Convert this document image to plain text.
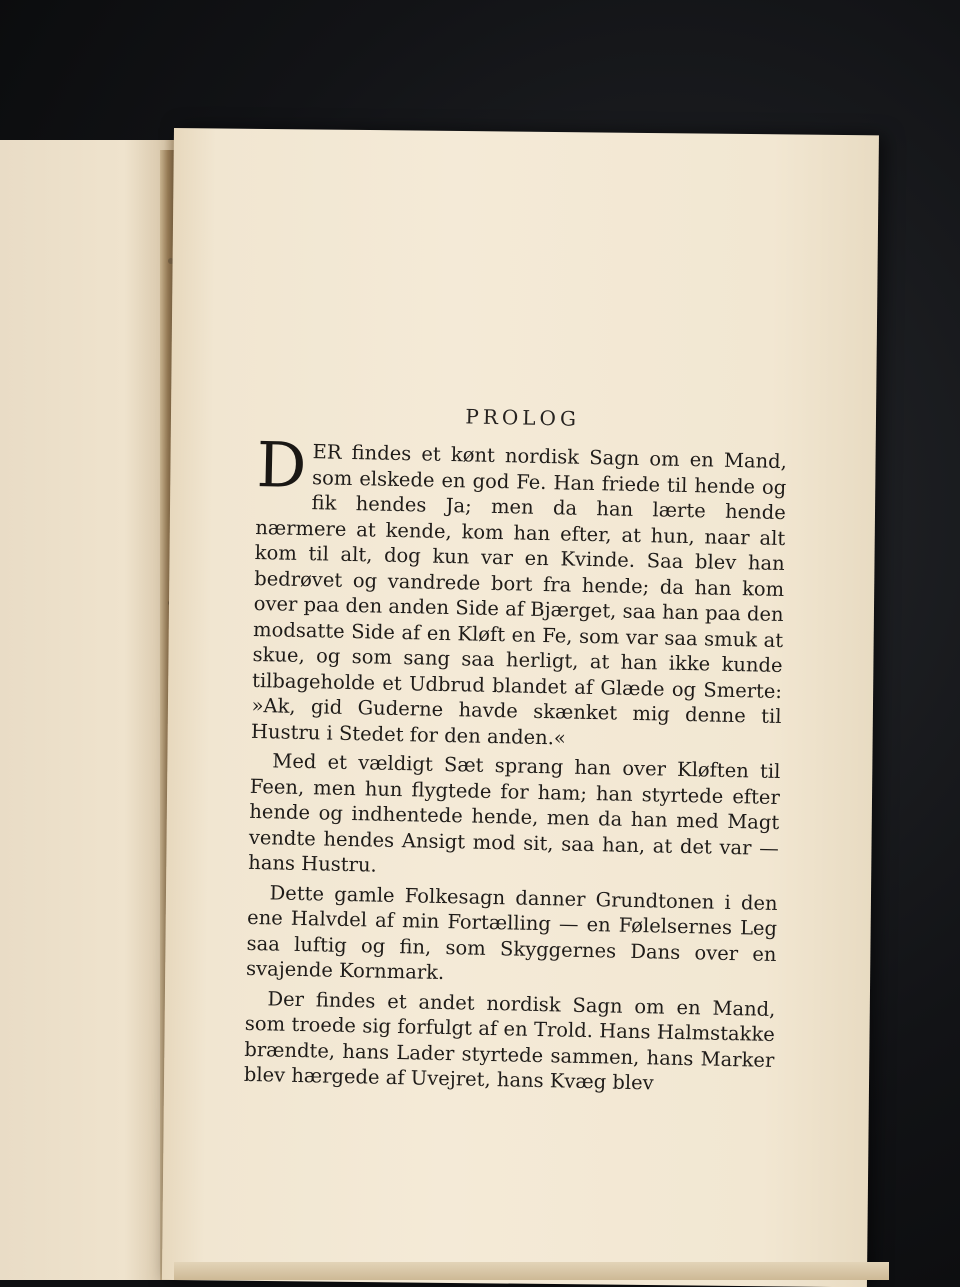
PROLOG

DER findes et kønt nordisk Sagn om en Mand, som elskede en god Fe. Han friede til hende og fik hendes Ja; men da han lærte hende nærmere at kende, kom han efter, at hun, naar alt kom til alt, dog kun var en Kvinde. Saa blev han bedrøvet og vandrede bort fra hende; da han kom over paa den anden Side af Bjærget, saa han paa den modsatte Side af en Kløft en Fe, som var saa smuk at skue, og som sang saa herligt, at han ikke kunde tilbageholde et Udbrud blandet af Glæde og Smerte: »Ak, gid Guderne havde skænket mig denne til Hustru i Stedet for den anden.«

Med et vældigt Sæt sprang han over Kløften til Feen, men hun flygtede for ham; han styrtede efter hende og indhentede hende, men da han med Magt vendte hendes Ansigt mod sit, saa han, at det var — hans Hustru.

Dette gamle Folkesagn danner Grundtonen i den ene Halvdel af min Fortælling — en Følelsernes Leg saa luftig og fin, som Skyggernes Dans over en svajende Kornmark.

Der findes et andet nordisk Sagn om en Mand, som troede sig forfulgt af en Trold. Hans Halmstakke brændte, hans Lader styrtede sammen, hans Marker blev hærgede af Uvejret, hans Kvæg blev
